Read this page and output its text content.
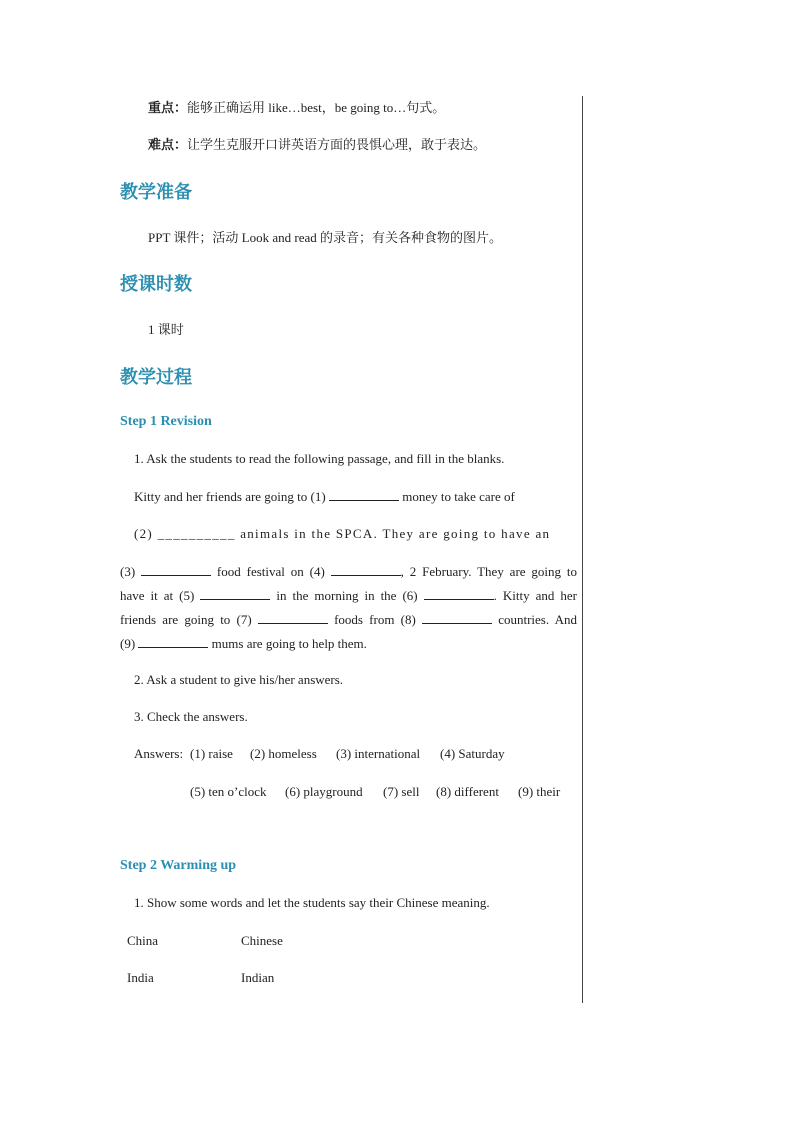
重点：能够正确运用 like…best，be going to…句式。
难点：让学生克服开口讲英语方面的畏惧心理，敢于表达。
教学准备
PPT 课件；活动 Look and read 的录音；有关各种食物的图片。
授课时数
1 课时
教学过程
Step 1 Revision
1. Ask the students to read the following passage, and fill in the blanks.
Kitty and her friends are going to (1)	money to take care of
(2) __________ animals in the SPCA. They are going to have an
(3)	food festival on (4)	, 2 February. They are going to
have it at (5)	in the morning in the (6)	. Kitty and her
friends are going to (7)	foods from (8)	countries. And
(9)	mums are going to help them.
2. Ask a student to give his/her answers.
3. Check the answers.
Answers: (1) raise (2) homeless (3) international (4) Saturday
(5) ten o’clock (6) playground (7) sell (8) different (9) their
Step 2 Warming up
1. Show some words and let the students say their Chinese meaning.
China	Chinese
India	Indian
